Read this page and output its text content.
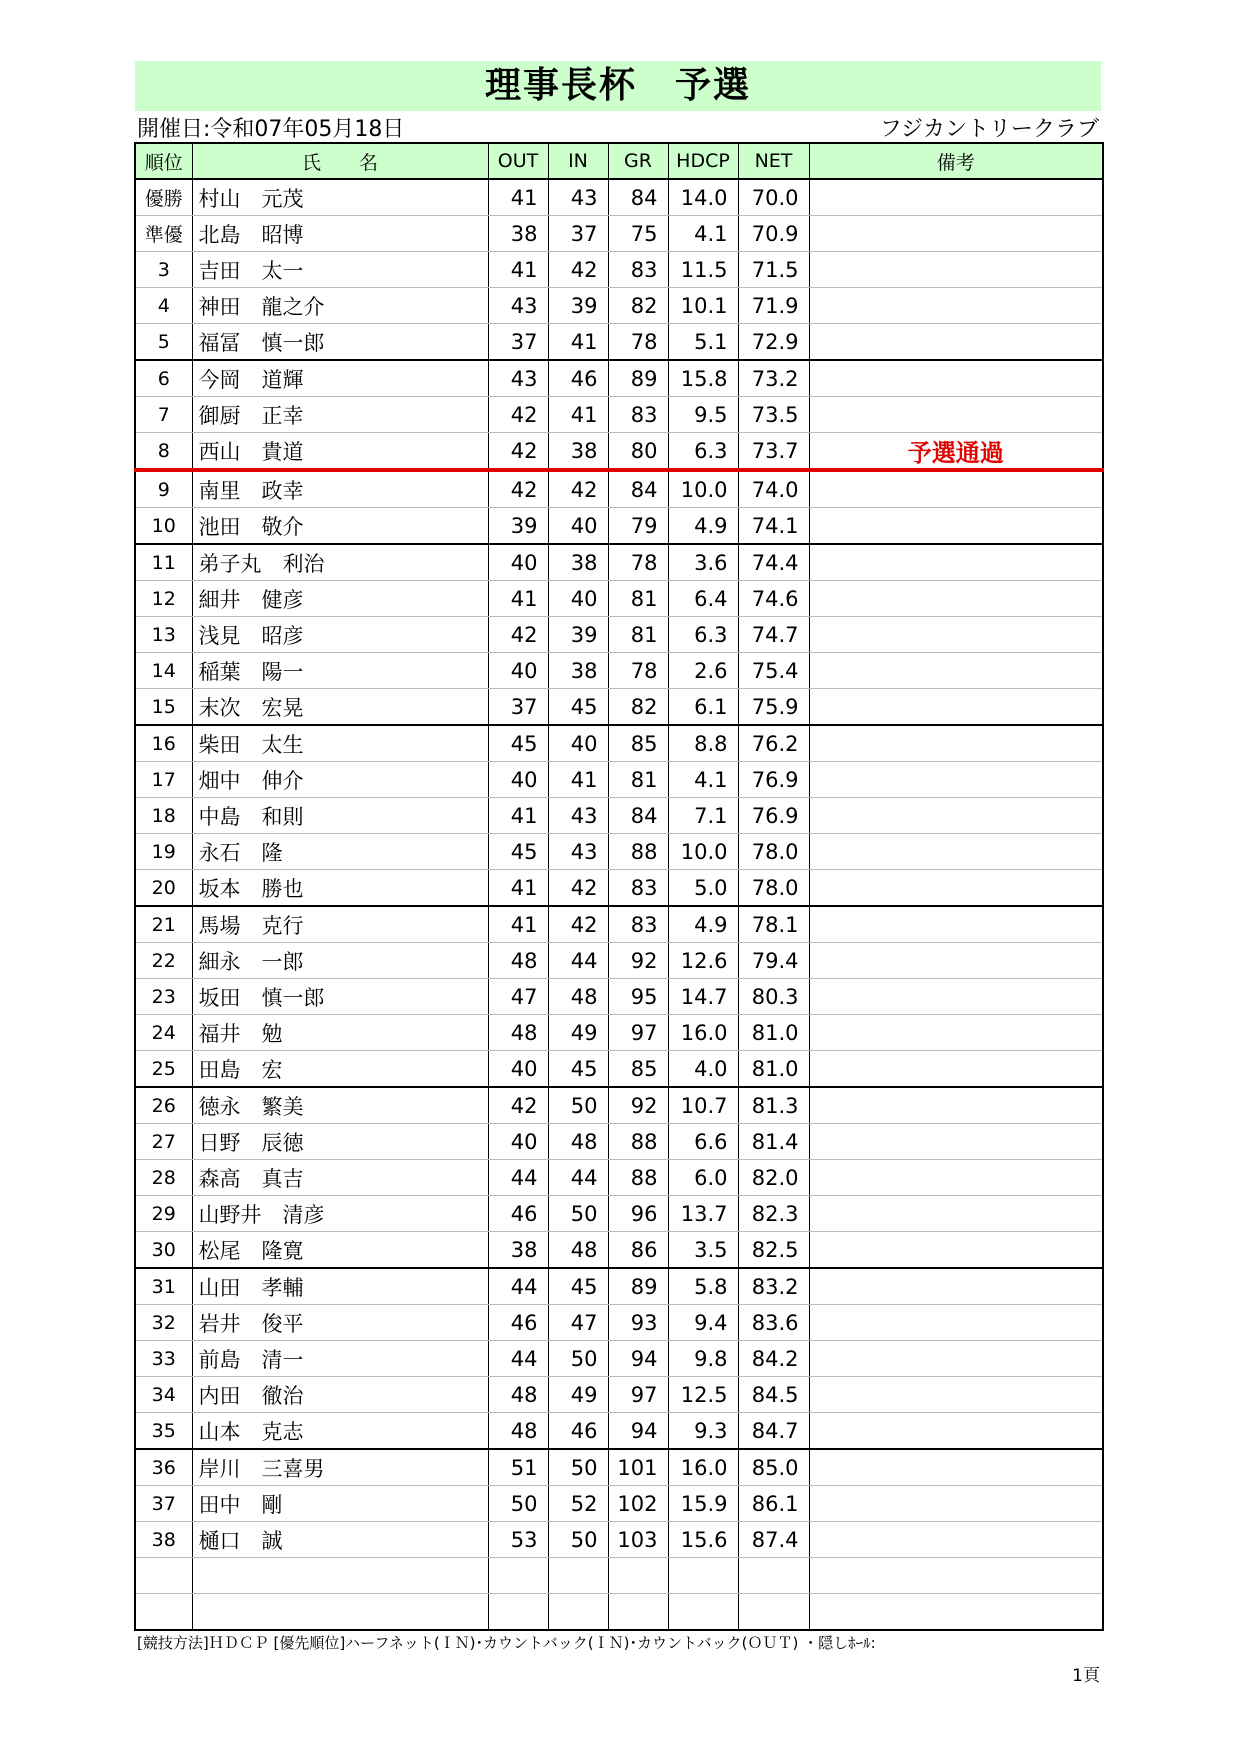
理事長杯　予選
開催日:令和07年05月18日	フジカントリークラブ
順位	氏　　名	OUT	IN	GR	HDCP	NET	備考
優勝	村山　元茂	41	43	84	14.0	70.0	
準優	北島　昭博	38	37	75	4.1	70.9	
3	吉田　太一	41	42	83	11.5	71.5	
4	神田　龍之介	43	39	82	10.1	71.9	
5	福冨　慎一郎	37	41	78	5.1	72.9	
6	今岡　道輝	43	46	89	15.8	73.2	
7	御厨　正幸	42	41	83	9.5	73.5	
8	西山　貴道	42	38	80	6.3	73.7	予選通過
9	南里　政幸	42	42	84	10.0	74.0	
10	池田　敬介	39	40	79	4.9	74.1	
11	弟子丸　利治	40	38	78	3.6	74.4	
12	細井　健彦	41	40	81	6.4	74.6	
13	浅見　昭彦	42	39	81	6.3	74.7	
14	稲葉　陽一	40	38	78	2.6	75.4	
15	末次　宏晃	37	45	82	6.1	75.9	
16	柴田　太生	45	40	85	8.8	76.2	
17	畑中　伸介	40	41	81	4.1	76.9	
18	中島　和則	41	43	84	7.1	76.9	
19	永石　隆	45	43	88	10.0	78.0	
20	坂本　勝也	41	42	83	5.0	78.0	
21	馬場　克行	41	42	83	4.9	78.1	
22	細永　一郎	48	44	92	12.6	79.4	
23	坂田　慎一郎	47	48	95	14.7	80.3	
24	福井　勉	48	49	97	16.0	81.0	
25	田島　宏	40	45	85	4.0	81.0	
26	徳永　繁美	42	50	92	10.7	81.3	
27	日野　辰徳	40	48	88	6.6	81.4	
28	森高　真吉	44	44	88	6.0	82.0	
29	山野井　清彦	46	50	96	13.7	82.3	
30	松尾　隆寛	38	48	86	3.5	82.5	
31	山田　孝輔	44	45	89	5.8	83.2	
32	岩井　俊平	46	47	93	9.4	83.6	
33	前島　清一	44	50	94	9.8	84.2	
34	内田　徹治	48	49	97	12.5	84.5	
35	山本　克志	48	46	94	9.3	84.7	
36	岸川　三喜男	51	50	101	16.0	85.0	
37	田中　剛	50	52	102	15.9	86.1	
38	樋口　誠	53	50	103	15.6	87.4	

[競技方法]ＨＤＣＰ [優先順位]ハーフネット(ＩＮ)･カウントバック(ＩＮ)･カウントバック(ＯＵＴ) ・隠しﾎｰﾙ:
1頁
